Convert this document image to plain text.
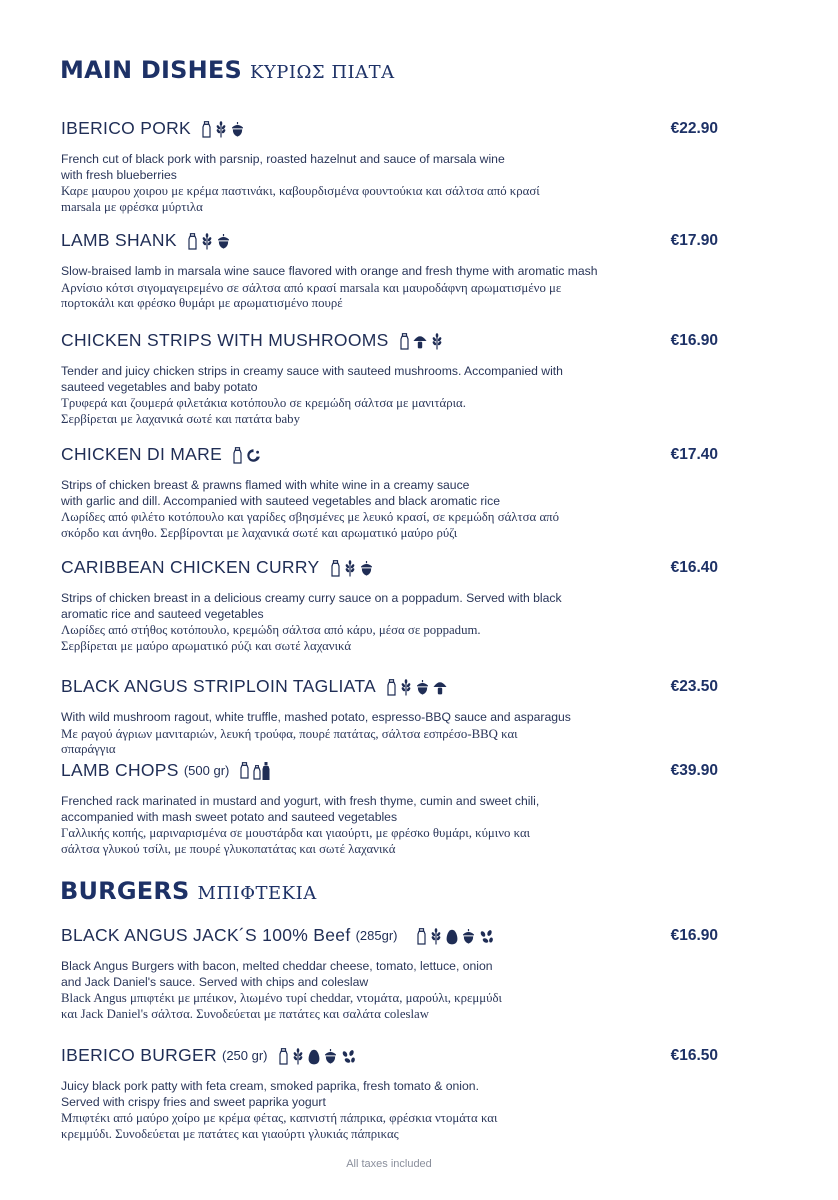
MAIN DISHES ΚΥΡΙΩΣ ΠΙΑΤΑ
IBERICO PORK	€22.90
French cut of black pork with parsnip, roasted hazelnut and sauce of marsala wine
with fresh blueberries
Καρε μαυρου χοιρου με κρέμα παστινάκι, καβουρδισμένα φουντούκια και σάλτσα από κρασί
marsala με φρέσκα μύρτιλα
LAMB SHANK	€17.90
Slow-braised lamb in marsala wine sauce flavored with orange and fresh thyme with aromatic mash
Αρνίσιο κότσι σιγομαγειρεμένο σε σάλτσα από κρασί marsala και μαυροδάφνη αρωματισμένο με
πορτοκάλι και φρέσκο θυμάρι με αρωματισμένο πουρέ
CHICKEN STRIPS WITH MUSHROOMS	€16.90
Tender and juicy chicken strips in creamy sauce with sauteed mushrooms. Accompanied with
sauteed vegetables and baby potato
Τρυφερά και ζουμερά φιλετάκια κοτόπουλο σε κρεμώδη σάλτσα με μανιτάρια.
Σερβίρεται με λαχανικά σωτέ και πατάτα baby
CHICKEN DI MARE	€17.40
Strips of chicken breast & prawns flamed with white wine in a creamy sauce
with garlic and dill. Accompanied with sauteed vegetables and black aromatic rice
Λωρίδες από φιλέτο κοτόπουλο και γαρίδες σβησμένες με λευκό κρασί, σε κρεμώδη σάλτσα από
σκόρδο και άνηθο. Σερβίρονται με λαχανικά σωτέ και αρωματικό μαύρο ρύζι
CARIBBEAN CHICKEN CURRY	€16.40
Strips of chicken breast in a delicious creamy curry sauce on a poppadum. Served with black
aromatic rice and sauteed vegetables
Λωρίδες από στήθος κοτόπουλο, κρεμώδη σάλτσα από κάρυ, μέσα σε poppadum.
Σερβίρεται με μαύρο αρωματικό ρύζι και σωτέ λαχανικά
BLACK ANGUS STRIPLOIN TAGLIATA	€23.50
With wild mushroom ragout, white truffle, mashed potato, espresso-BBQ sauce and asparagus
Με ραγού άγριων μανιταριών, λευκή τρούφα, πουρέ πατάτας, σάλτσα εσπρέσο-BBQ και
σπαράγγια
LAMB CHOPS (500 gr)	€39.90
Frenched rack marinated in mustard and yogurt, with fresh thyme, cumin and sweet chili,
accompanied with mash sweet potato and sauteed vegetables
Γαλλικής κοπής, μαριναρισμένα σε μουστάρδα και γιαούρτι, με φρέσκο θυμάρι, κύμινο και
σάλτσα γλυκού τσίλι, με πουρέ γλυκοπατάτας και σωτέ λαχανικά
BURGERS ΜΠΙΦΤΕΚΙΑ
BLACK ANGUS JACK´S 100% Beef (285gr)	€16.90
Black Angus Burgers with bacon, melted cheddar cheese, tomato, lettuce, onion
and Jack Daniel's sauce. Served with chips and coleslaw
Black Angus μπιφτέκι με μπέικον, λιωμένο τυρί cheddar, ντομάτα, μαρούλι, κρεμμύδι
και Jack Daniel's σάλτσα. Συνοδεύεται με πατάτες και σαλάτα coleslaw
IBERICO BURGER (250 gr)	€16.50
Juicy black pork patty with feta cream, smoked paprika, fresh tomato & onion.
Served with crispy fries and sweet paprika yogurt
Μπιφτέκι από μαύρο χοίρο με κρέμα φέτας, καπνιστή πάπρικα, φρέσκια ντομάτα και
κρεμμύδι. Συνοδεύεται με πατάτες και γιαούρτι γλυκιάς πάπρικας
All taxes included
